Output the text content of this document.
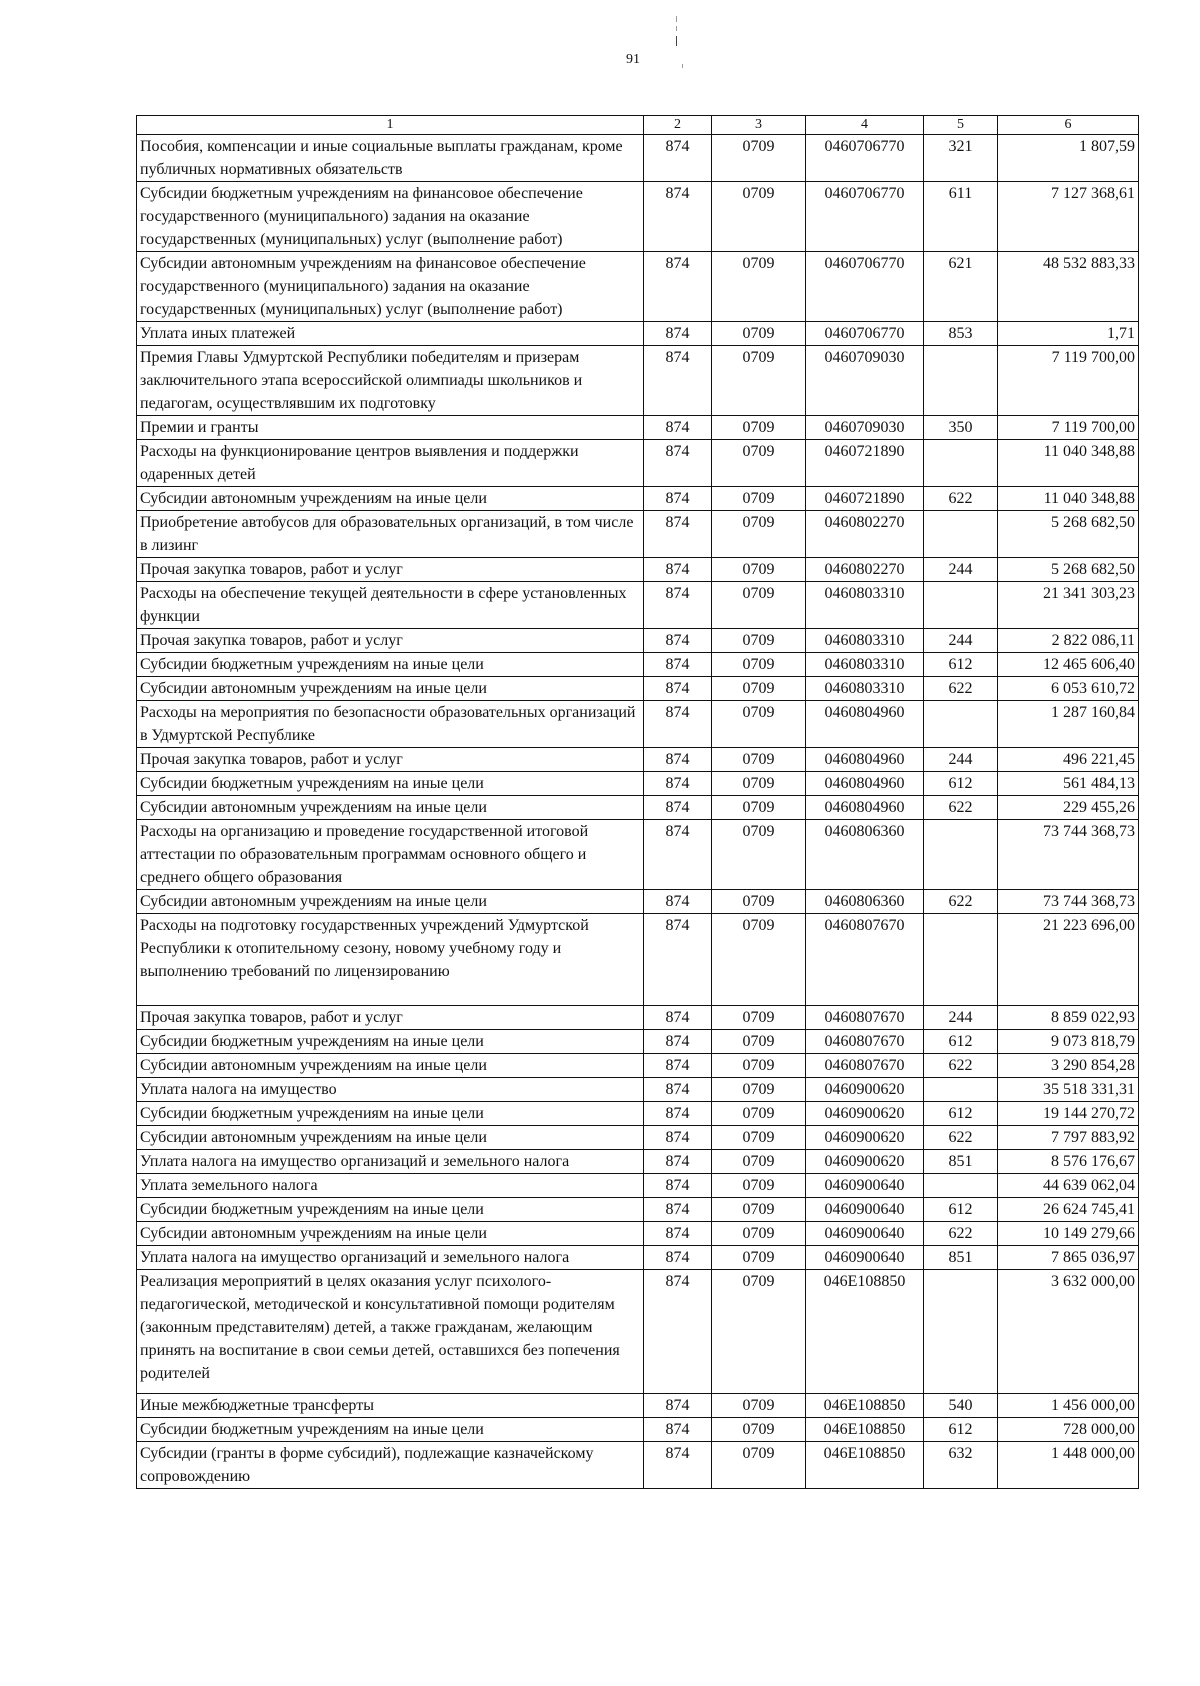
91
1	2	3	4	5	6
Пособия, компенсации и иные социальные выплаты гражданам, кроме публичных нормативных обязательств	874	0709	0460706770	321	1 807,59
Субсидии бюджетным учреждениям на финансовое обеспечение государственного (муниципального) задания на оказание государственных (муниципальных) услуг (выполнение работ)	874	0709	0460706770	611	7 127 368,61
Субсидии автономным учреждениям на финансовое обеспечение государственного (муниципального) задания на оказание государственных (муниципальных) услуг (выполнение работ)	874	0709	0460706770	621	48 532 883,33
Уплата иных платежей	874	0709	0460706770	853	1,71
Премия Главы Удмуртской Республики победителям и призерам заключительного этапа всероссийской олимпиады школьников и педагогам, осуществлявшим их подготовку	874	0709	0460709030		7 119 700,00
Премии и гранты	874	0709	0460709030	350	7 119 700,00
Расходы на функционирование центров выявления и поддержки одаренных детей	874	0709	0460721890		11 040 348,88
Субсидии автономным учреждениям на иные цели	874	0709	0460721890	622	11 040 348,88
Приобретение автобусов для образовательных организаций, в том числе в лизинг	874	0709	0460802270		5 268 682,50
Прочая закупка товаров, работ и услуг	874	0709	0460802270	244	5 268 682,50
Расходы на обеспечение текущей деятельности в сфере установленных функции	874	0709	0460803310		21 341 303,23
Прочая закупка товаров, работ и услуг	874	0709	0460803310	244	2 822 086,11
Субсидии бюджетным учреждениям на иные цели	874	0709	0460803310	612	12 465 606,40
Субсидии автономным учреждениям на иные цели	874	0709	0460803310	622	6 053 610,72
Расходы на мероприятия по безопасности образовательных организаций в Удмуртской Республике	874	0709	0460804960		1 287 160,84
Прочая закупка товаров, работ и услуг	874	0709	0460804960	244	496 221,45
Субсидии бюджетным учреждениям на иные цели	874	0709	0460804960	612	561 484,13
Субсидии автономным учреждениям на иные цели	874	0709	0460804960	622	229 455,26
Расходы на организацию и проведение государственной итоговой аттестации по образовательным программам основного общего и среднего общего образования	874	0709	0460806360		73 744 368,73
Субсидии автономным учреждениям на иные цели	874	0709	0460806360	622	73 744 368,73
Расходы на подготовку государственных учреждений Удмуртской Республики к отопительному сезону, новому учебному году и выполнению требований по лицензированию	874	0709	0460807670		21 223 696,00
Прочая закупка товаров, работ и услуг	874	0709	0460807670	244	8 859 022,93
Субсидии бюджетным учреждениям на иные цели	874	0709	0460807670	612	9 073 818,79
Субсидии автономным учреждениям на иные цели	874	0709	0460807670	622	3 290 854,28
Уплата налога на имущество	874	0709	0460900620		35 518 331,31
Субсидии бюджетным учреждениям на иные цели	874	0709	0460900620	612	19 144 270,72
Субсидии автономным учреждениям на иные цели	874	0709	0460900620	622	7 797 883,92
Уплата налога на имущество организаций и земельного налога	874	0709	0460900620	851	8 576 176,67
Уплата земельного налога	874	0709	0460900640		44 639 062,04
Субсидии бюджетным учреждениям на иные цели	874	0709	0460900640	612	26 624 745,41
Субсидии автономным учреждениям на иные цели	874	0709	0460900640	622	10 149 279,66
Уплата налога на имущество организаций и земельного налога	874	0709	0460900640	851	7 865 036,97
Реализация мероприятий в целях оказания услуг психолого-педагогической, методической и консультативной помощи родителям (законным представителям) детей, а также гражданам, желающим принять на воспитание в свои семьи детей, оставшихся без попечения родителей	874	0709	046E108850		3 632 000,00
Иные межбюджетные трансферты	874	0709	046E108850	540	1 456 000,00
Субсидии бюджетным учреждениям на иные цели	874	0709	046E108850	612	728 000,00
Субсидии (гранты в форме субсидий), подлежащие казначейскому сопровождению	874	0709	046E108850	632	1 448 000,00
